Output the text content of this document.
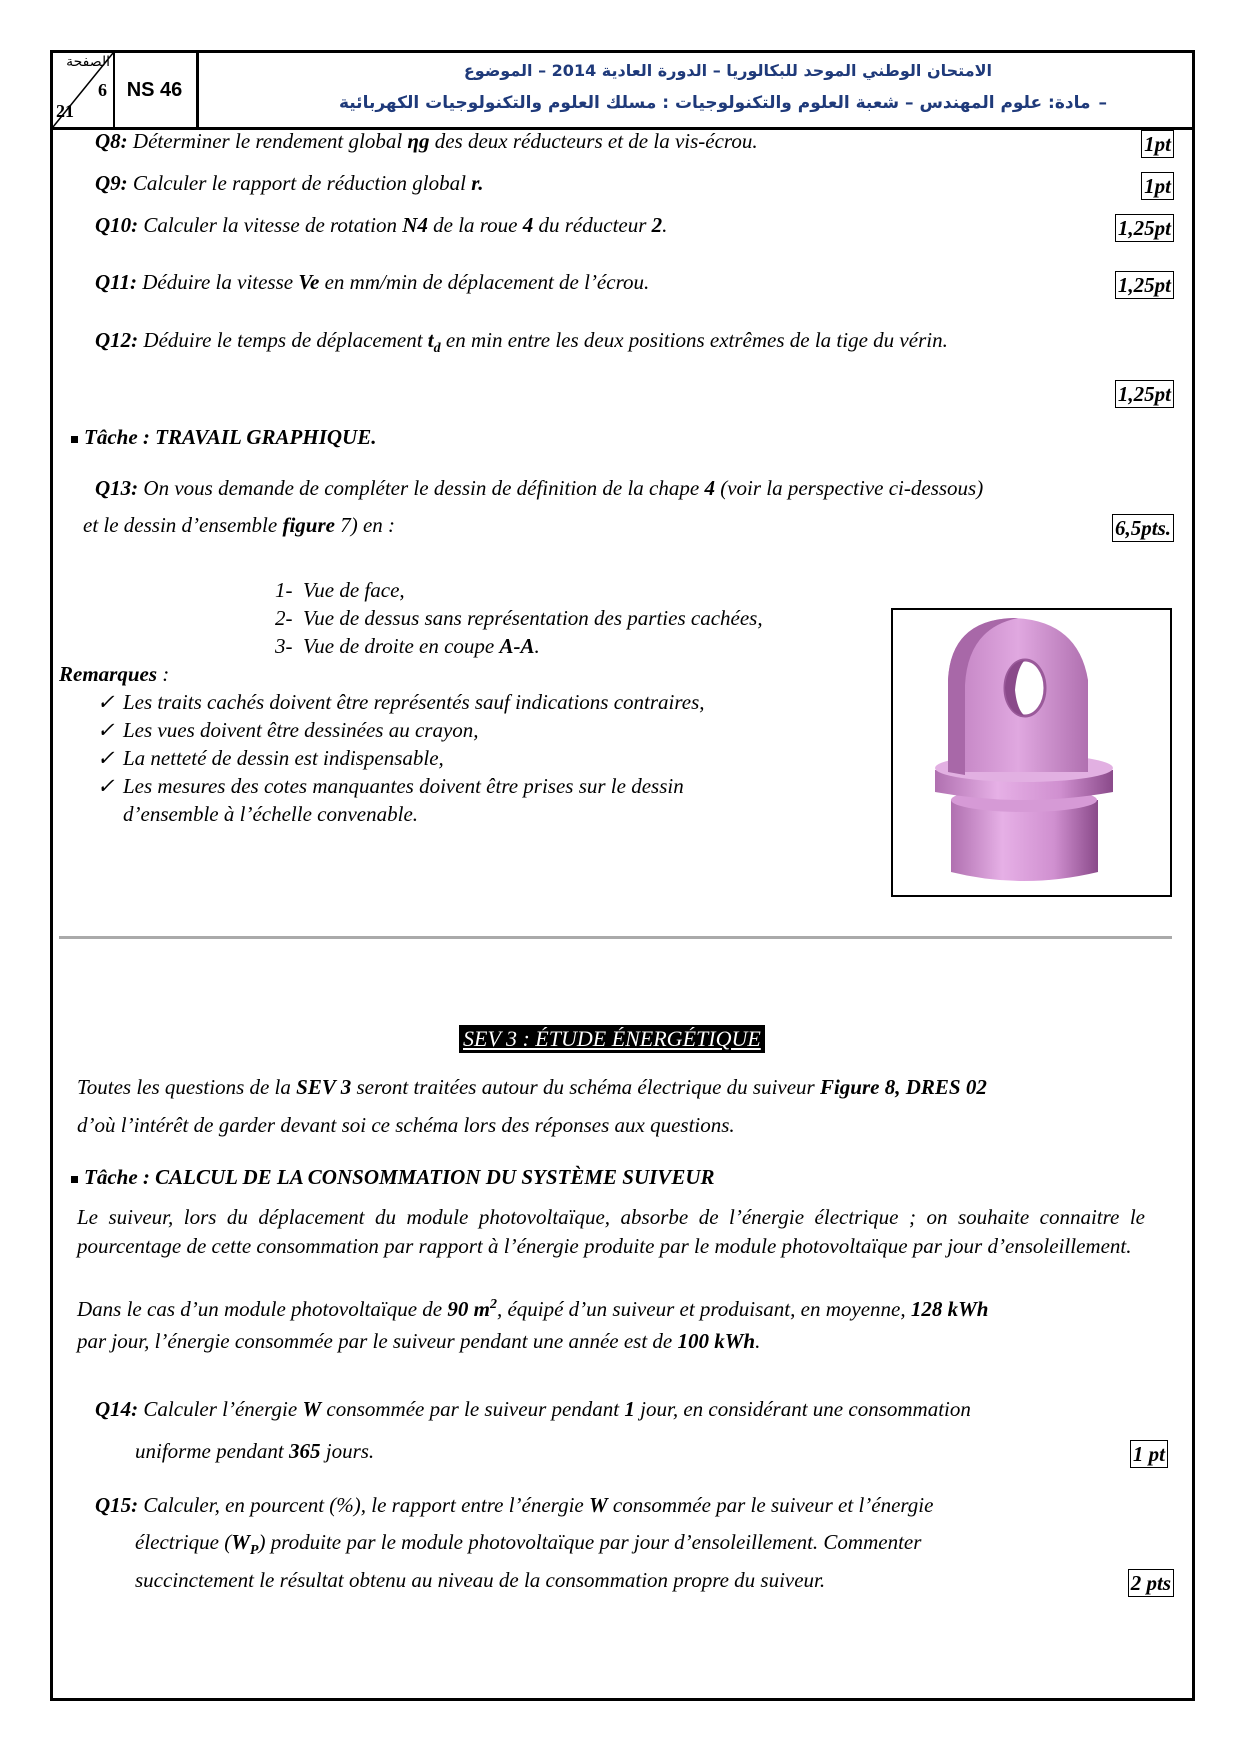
الصفحة
6
21
NS 46
الامتحان الوطني الموحد للبكالوريا – الدورة العادية 2014 – الموضوع
–مادة: علوم المهندس – شعبة العلوم والتكنولوجيات : مسلك العلوم والتكنولوجيات الكهربائية
Q8: Déterminer le rendement global ηg des deux réducteurs et de la vis-écrou.	1pt
Q9: Calculer le rapport de réduction global r.	1pt
Q10: Calculer la vitesse de rotation N4 de la roue 4 du réducteur 2.	1,25pt
Q11: Déduire la vitesse Ve en mm/min de déplacement de l’écrou.	1,25pt
Q12: Déduire le temps de déplacement $t_d$ en min entre les deux positions extrêmes de la tige du vérin.
1,25pt
Tâche : TRAVAIL GRAPHIQUE.
Q13: On vous demande de compléter le dessin de définition de la chape 4 (voir la perspective ci-dessous)
et le dessin d’ensemble figure 7) en :	6,5pts.
1- Vue de face,
2- Vue de dessus sans représentation des parties cachées,
3- Vue de droite en coupe A-A.
Remarques :
✓ Les traits cachés doivent être représentés sauf indications contraires,
✓ Les vues doivent être dessinées au crayon,
✓ La netteté de dessin est indispensable,
✓ Les mesures des cotes manquantes doivent être prises sur le dessin
d’ensemble à l’échelle convenable.
SEV 3 : ÉTUDE ÉNERGÉTIQUE
Toutes les questions de la SEV 3 seront traitées autour du schéma électrique du suiveur Figure 8, DRES 02
d’où l’intérêt de garder devant soi ce schéma lors des réponses aux questions.
Tâche : CALCUL DE LA CONSOMMATION DU SYSTÈME SUIVEUR
Le suiveur, lors du déplacement du module photovoltaïque, absorbe de l’énergie électrique ; on souhaite connaitre le pourcentage de cette consommation par rapport à l’énergie produite par le module photovoltaïque par jour d’ensoleillement.
Dans le cas d’un module photovoltaïque de 90 $m^2$, équipé d’un suiveur et produisant, en moyenne, 128 kWh
par jour, l’énergie consommée par le suiveur pendant une année est de 100 kWh.
Q14: Calculer l’énergie W consommée par le suiveur pendant 1 jour, en considérant une consommation
uniforme pendant 365 jours.	1 pt
Q15: Calculer, en pourcent (%), le rapport entre l’énergie W consommée par le suiveur et l’énergie
électrique $(W_P)$ produite par le module photovoltaïque par jour d’ensoleillement. Commenter
succinctement le résultat obtenu au niveau de la consommation propre du suiveur.	2 pts
